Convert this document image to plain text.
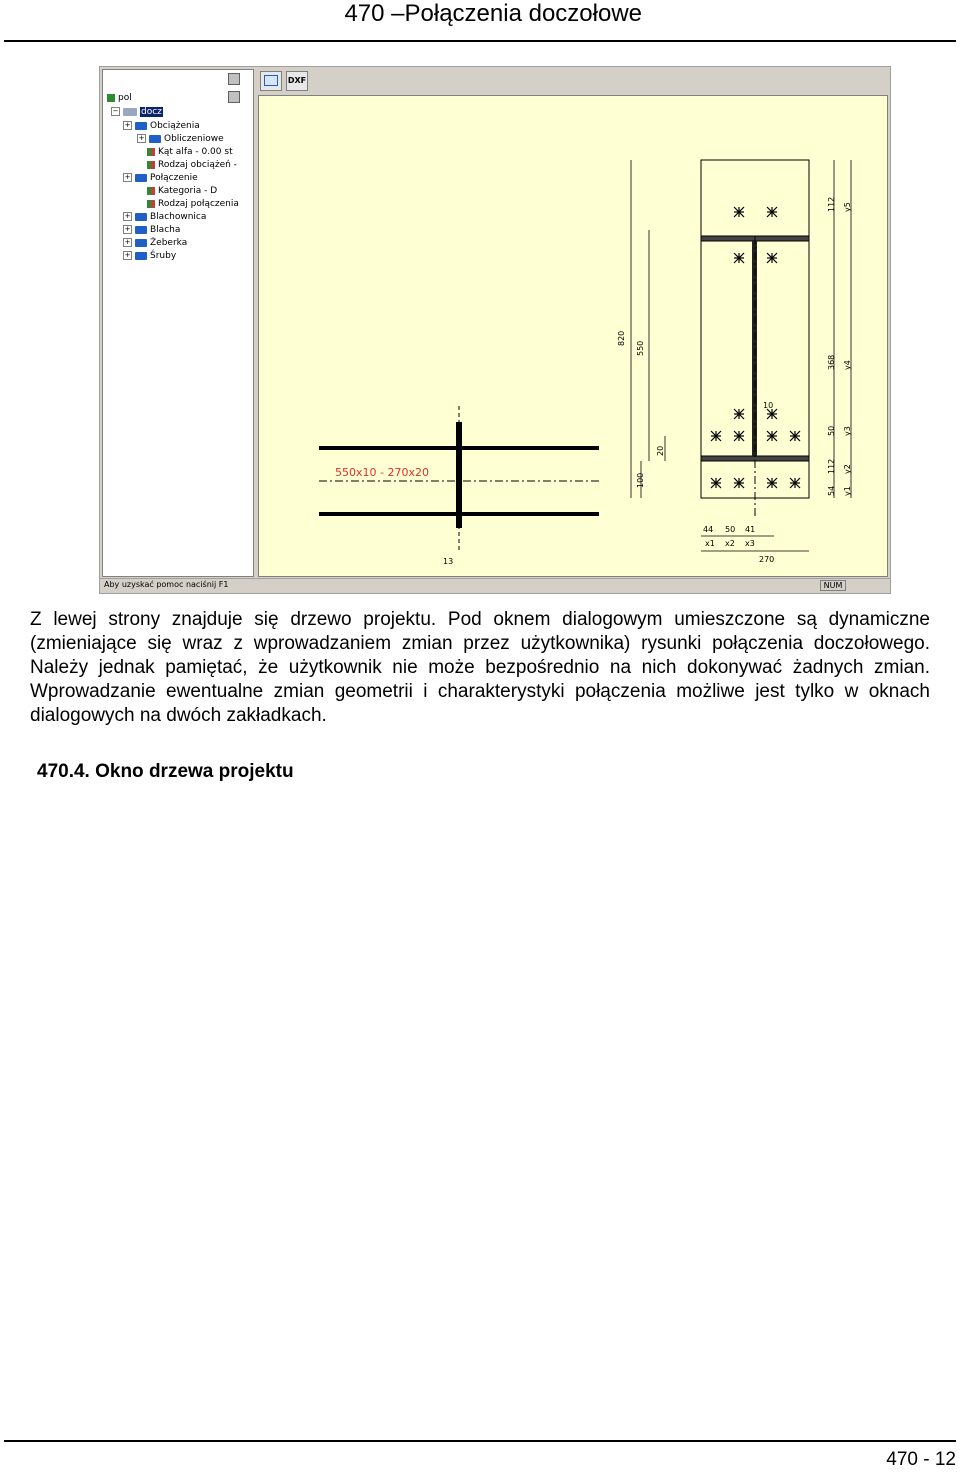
470 –Połączenia doczołowe
pol
−	docz
+ Obciążenia
+ Obliczeniowe
Kąt alfa - 0.00 st
Rodzaj obciążeń -
+ Połączenie
Kategoria - D
Rodzaj połączenia
+ Blachownica
+ Blacha
+ Żeberka
+ Śruby
DXF
820
550
20
100
112 y5
368 y4
50 y3
112 y2
54 y1
44 50 41
x1 x2 x3
270
10
13
550x10 - 270x20
Aby uzyskać pomoc naciśnij F1	NUM
Z lewej strony znajduje się drzewo projektu. Pod oknem dialogowym umieszczone są dynamiczne (zmieniające się wraz z wprowadzaniem zmian przez użytkownika) rysunki połączenia doczołowego. Należy jednak pamiętać, że użytkownik nie może bezpośrednio na nich dokonywać żadnych zmian. Wprowadzanie ewentualne zmian geometrii i charakterystyki połączenia możliwe jest tylko w oknach dialogowych na dwóch zakładkach.
470.4. Okno drzewa projektu
470 - 12
